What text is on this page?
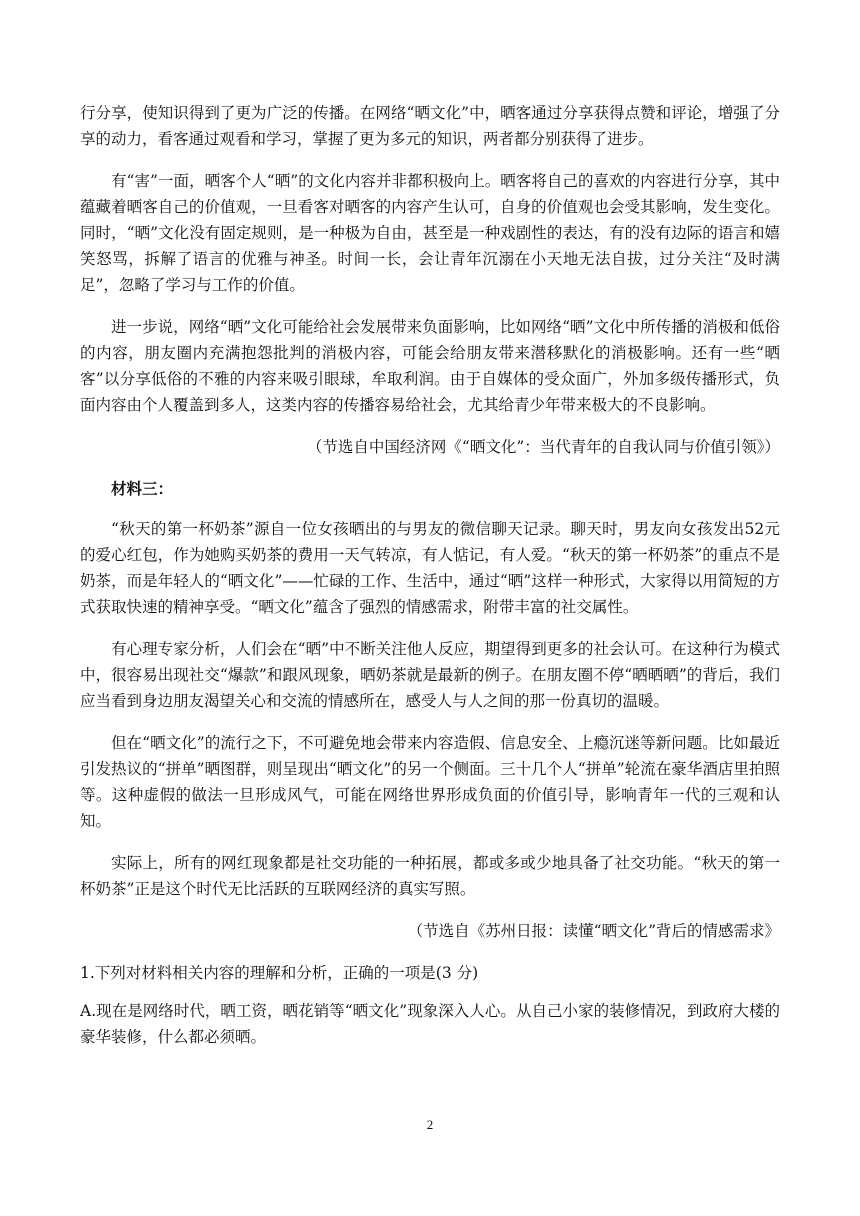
行分享，使知识得到了更为广泛的传播。在网络“晒文化”中，晒客通过分享获得点赞和评论，增强了分享的动力，看客通过观看和学习，掌握了更为多元的知识，两者都分别获得了进步。

有“害”一面，晒客个人“晒”的文化内容并非都积极向上。晒客将自己的喜欢的内容进行分享，其中蕴藏着晒客自己的价值观，一旦看客对晒客的内容产生认可，自身的价值观也会受其影响，发生变化。同时，“晒”文化没有固定规则，是一种极为自由，甚至是一种戏剧性的表达，有的没有边际的语言和嬉笑怒骂，拆解了语言的优雅与神圣。时间一长，会让青年沉溺在小天地无法自拔，过分关注“及时满足”，忽略了学习与工作的价值。

进一步说，网络“晒”文化可能给社会发展带来负面影响，比如网络“晒”文化中所传播的消极和低俗的内容，朋友圈内充满抱怨批判的消极内容，可能会给朋友带来潜移默化的消极影响。还有一些“晒客”以分享低俗的不雅的内容来吸引眼球，牟取利润。由于自媒体的受众面广，外加多级传播形式，负面内容由个人覆盖到多人，这类内容的传播容易给社会，尤其给青少年带来极大的不良影响。

（节选自中国经济网《“晒文化”：当代青年的自我认同与价值引领》）

材料三：

“秋天的第一杯奶茶”源自一位女孩晒出的与男友的微信聊天记录。聊天时，男友向女孩发出52元的爱心红包，作为她购买奶茶的费用一天气转凉，有人惦记，有人爱。“秋天的第一杯奶茶”的重点不是奶茶，而是年轻人的“晒文化”——忙碌的工作、生活中，通过“晒”这样一种形式，大家得以用简短的方式获取快速的精神享受。“晒文化”蕴含了强烈的情感需求，附带丰富的社交属性。

有心理专家分析，人们会在“晒”中不断关注他人反应，期望得到更多的社会认可。在这种行为模式中，很容易出现社交“爆款”和跟风现象，晒奶茶就是最新的例子。在朋友圈不停“晒晒晒”的背后，我们应当看到身边朋友渴望关心和交流的情感所在，感受人与人之间的那一份真切的温暖。

但在“晒文化”的流行之下，不可避免地会带来内容造假、信息安全、上瘾沉迷等新问题。比如最近引发热议的“拼单”晒图群，则呈现出“晒文化”的另一个侧面。三十几个人“拼单”轮流在豪华酒店里拍照等。这种虚假的做法一旦形成风气，可能在网络世界形成负面的价值引导，影响青年一代的三观和认知。

实际上，所有的网红现象都是社交功能的一种拓展，都或多或少地具备了社交功能。“秋天的第一杯奶茶”正是这个时代无比活跃的互联网经济的真实写照。

（节选自《苏州日报：读懂“晒文化”背后的情感需求》

1.下列对材料相关内容的理解和分析，正确的一项是(3 分)

A.现在是网络时代，晒工资，晒花销等“晒文化”现象深入人心。从自己小家的装修情况，到政府大楼的豪华装修，什么都必须晒。

2
